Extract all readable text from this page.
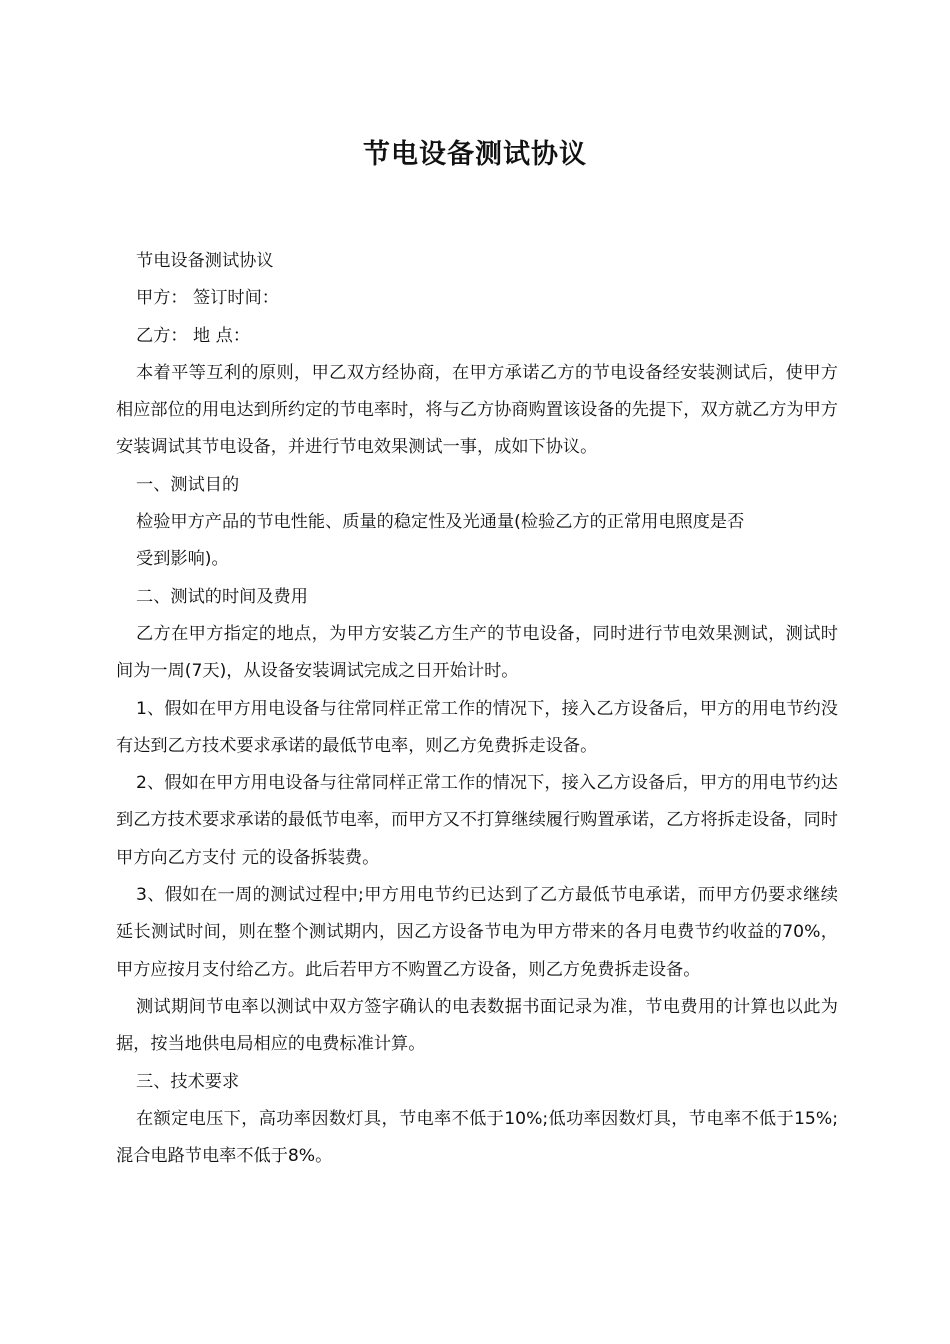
节电设备测试协议

节电设备测试协议

甲方： 签订时间：

乙方： 地 点：

本着平等互利的原则，甲乙双方经协商，在甲方承诺乙方的节电设备经安装测试后，使甲方相应部位的用电达到所约定的节电率时，将与乙方协商购置该设备的先提下，双方就乙方为甲方安装调试其节电设备，并进行节电效果测试一事，成如下协议。

一、测试目的

检验甲方产品的节电性能、质量的稳定性及光通量(检验乙方的正常用电照度是否

受到影响)。

二、测试的时间及费用

乙方在甲方指定的地点，为甲方安装乙方生产的节电设备，同时进行节电效果测试，测试时间为一周(7天)，从设备安装调试完成之日开始计时。

1、假如在甲方用电设备与往常同样正常工作的情况下，接入乙方设备后，甲方的用电节约没有达到乙方技术要求承诺的最低节电率，则乙方免费拆走设备。

2、假如在甲方用电设备与往常同样正常工作的情况下，接入乙方设备后，甲方的用电节约达到乙方技术要求承诺的最低节电率，而甲方又不打算继续履行购置承诺，乙方将拆走设备，同时甲方向乙方支付 元的设备拆装费。

3、假如在一周的测试过程中;甲方用电节约已达到了乙方最低节电承诺，而甲方仍要求继续延长测试时间，则在整个测试期内，因乙方设备节电为甲方带来的各月电费节约收益的70%，甲方应按月支付给乙方。此后若甲方不购置乙方设备，则乙方免费拆走设备。

测试期间节电率以测试中双方签字确认的电表数据书面记录为准，节电费用的计算也以此为据，按当地供电局相应的电费标准计算。

三、技术要求

在额定电压下，高功率因数灯具，节电率不低于10%;低功率因数灯具，节电率不低于15%;混合电路节电率不低于8%。
